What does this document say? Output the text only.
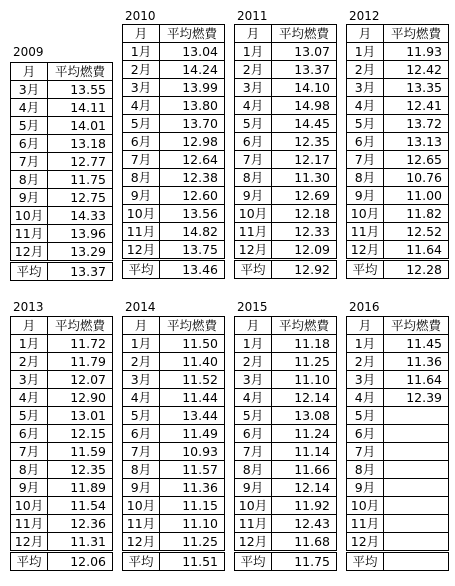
2009
月	平均燃費
3月	13.55
4月	14.11
5月	14.01
6月	13.18
7月	12.77
8月	11.75
9月	12.75
10月	14.33
11月	13.96
12月	13.29
平均	13.37
2010
月	平均燃費
1月	13.04
2月	14.24
3月	13.99
4月	13.80
5月	13.70
6月	12.98
7月	12.64
8月	12.38
9月	12.60
10月	13.56
11月	14.82
12月	13.75
平均	13.46
2011
月	平均燃費
1月	13.07
2月	13.37
3月	14.10
4月	14.98
5月	14.45
6月	12.35
7月	12.17
8月	11.30
9月	12.69
10月	12.18
11月	12.33
12月	12.09
平均	12.92
2012
月	平均燃費
1月	11.93
2月	12.42
3月	13.35
4月	12.41
5月	13.72
6月	13.13
7月	12.65
8月	10.76
9月	11.00
10月	11.82
11月	12.52
12月	11.64
平均	12.28
2013
月	平均燃費
1月	11.72
2月	11.79
3月	12.07
4月	12.90
5月	13.01
6月	12.15
7月	11.59
8月	12.35
9月	11.89
10月	11.54
11月	12.36
12月	11.31
平均	12.06
2014
月	平均燃費
1月	11.50
2月	11.40
3月	11.52
4月	11.44
5月	13.44
6月	11.49
7月	10.93
8月	11.57
9月	11.36
10月	11.15
11月	11.10
12月	11.25
平均	11.51
2015
月	平均燃費
1月	11.18
2月	11.25
3月	11.10
4月	12.14
5月	13.08
6月	11.24
7月	11.14
8月	11.66
9月	12.14
10月	11.92
11月	12.43
12月	11.68
平均	11.75
2016
月	平均燃費
1月	11.45
2月	11.36
3月	11.64
4月	12.39
5月	
6月	
7月	
8月	
9月	
10月	
11月	
12月	
平均	
